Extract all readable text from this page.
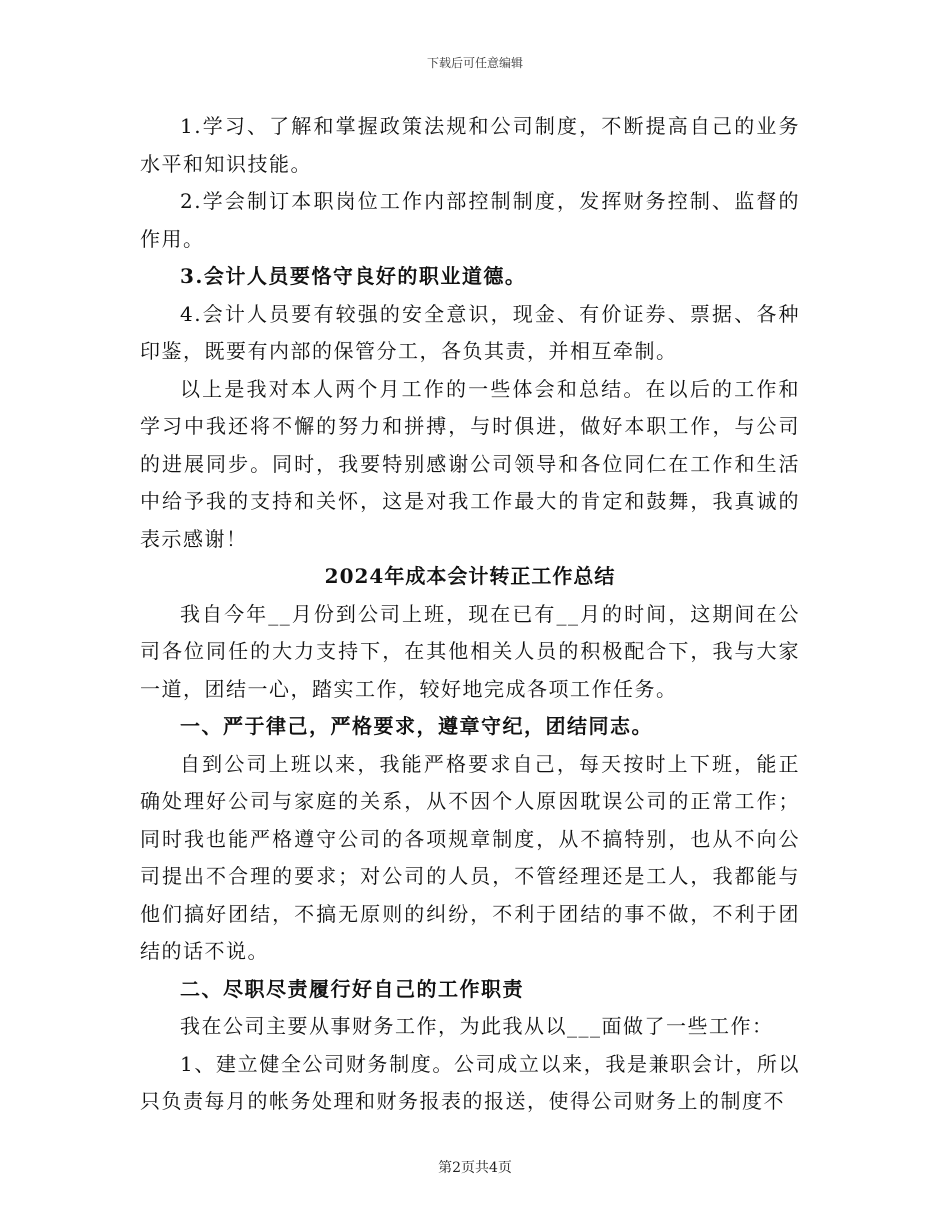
下载后可任意编辑

1.学习、了解和掌握政策法规和公司制度，不断提高自己的业务水平和知识技能。

2.学会制订本职岗位工作内部控制制度，发挥财务控制、监督的作用。

3.会计人员要恪守良好的职业道德。

4.会计人员要有较强的安全意识，现金、有价证券、票据、各种印鉴，既要有内部的保管分工，各负其责，并相互牵制。

以上是我对本人两个月工作的一些体会和总结。在以后的工作和学习中我还将不懈的努力和拼搏，与时俱进，做好本职工作，与公司的进展同步。同时，我要特别感谢公司领导和各位同仁在工作和生活中给予我的支持和关怀，这是对我工作最大的肯定和鼓舞，我真诚的表示感谢！

2024年成本会计转正工作总结

我自今年__月份到公司上班，现在已有__月的时间，这期间在公司各位同任的大力支持下，在其他相关人员的积极配合下，我与大家一道，团结一心，踏实工作，较好地完成各项工作任务。

一、严于律己，严格要求，遵章守纪，团结同志。

自到公司上班以来，我能严格要求自己，每天按时上下班，能正确处理好公司与家庭的关系，从不因个人原因耽误公司的正常工作；同时我也能严格遵守公司的各项规章制度，从不搞特别，也从不向公司提出不合理的要求；对公司的人员，不管经理还是工人，我都能与他们搞好团结，不搞无原则的纠纷，不利于团结的事不做，不利于团结的话不说。

二、尽职尽责履行好自己的工作职责

我在公司主要从事财务工作，为此我从以___面做了一些工作：

1、建立健全公司财务制度。公司成立以来，我是兼职会计，所以只负责每月的帐务处理和财务报表的报送，使得公司财务上的制度不

第2页共4页
